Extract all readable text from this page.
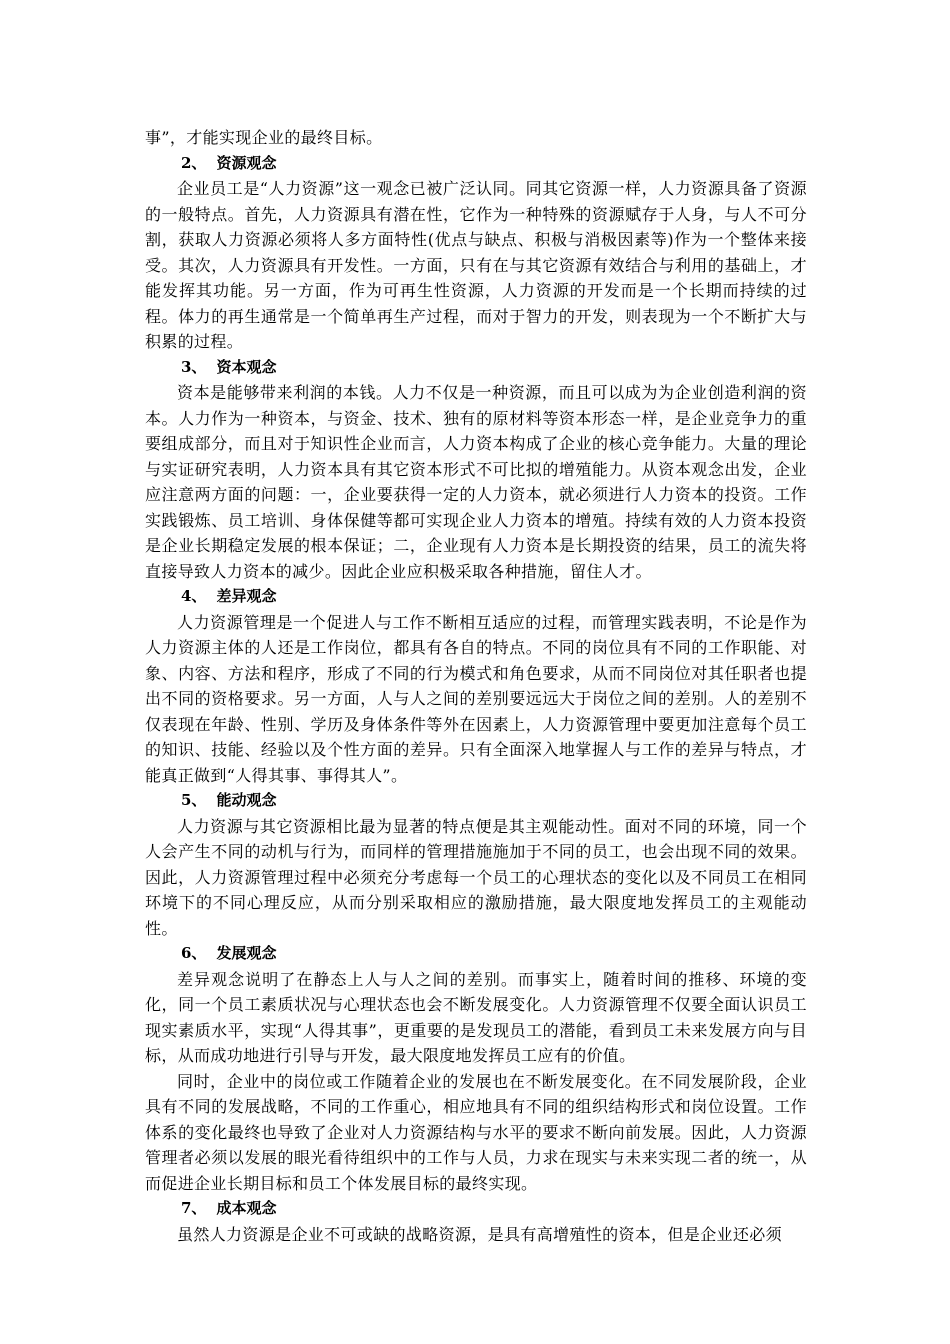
事”，才能实现企业的最终目标。

2、 资源观念

企业员工是“人力资源”这一观念已被广泛认同。同其它资源一样，人力资源具备了资源的一般特点。首先，人力资源具有潜在性，它作为一种特殊的资源赋存于人身，与人不可分割，获取人力资源必须将人多方面特性(优点与缺点、积极与消极因素等)作为一个整体来接受。其次，人力资源具有开发性。一方面，只有在与其它资源有效结合与利用的基础上，才能发挥其功能。另一方面，作为可再生性资源，人力资源的开发而是一个长期而持续的过程。体力的再生通常是一个简单再生产过程，而对于智力的开发，则表现为一个不断扩大与积累的过程。

3、 资本观念

资本是能够带来利润的本钱。人力不仅是一种资源，而且可以成为为企业创造利润的资本。人力作为一种资本，与资金、技术、独有的原材料等资本形态一样，是企业竞争力的重要组成部分，而且对于知识性企业而言，人力资本构成了企业的核心竞争能力。大量的理论与实证研究表明，人力资本具有其它资本形式不可比拟的增殖能力。从资本观念出发，企业应注意两方面的问题：一，企业要获得一定的人力资本，就必须进行人力资本的投资。工作实践锻炼、员工培训、身体保健等都可实现企业人力资本的增殖。持续有效的人力资本投资是企业长期稳定发展的根本保证；二，企业现有人力资本是长期投资的结果，员工的流失将直接导致人力资本的减少。因此企业应积极采取各种措施，留住人才。

4、 差异观念

人力资源管理是一个促进人与工作不断相互适应的过程，而管理实践表明，不论是作为人力资源主体的人还是工作岗位，都具有各自的特点。不同的岗位具有不同的工作职能、对象、内容、方法和程序，形成了不同的行为模式和角色要求，从而不同岗位对其任职者也提出不同的资格要求。另一方面，人与人之间的差别要远远大于岗位之间的差别。人的差别不仅表现在年龄、性别、学历及身体条件等外在因素上，人力资源管理中要更加注意每个员工的知识、技能、经验以及个性方面的差异。只有全面深入地掌握人与工作的差异与特点，才能真正做到“人得其事、事得其人”。

5、 能动观念

人力资源与其它资源相比最为显著的特点便是其主观能动性。面对不同的环境，同一个人会产生不同的动机与行为，而同样的管理措施施加于不同的员工，也会出现不同的效果。因此，人力资源管理过程中必须充分考虑每一个员工的心理状态的变化以及不同员工在相同环境下的不同心理反应，从而分别采取相应的激励措施，最大限度地发挥员工的主观能动性。

6、 发展观念

差异观念说明了在静态上人与人之间的差别。而事实上，随着时间的推移、环境的变化，同一个员工素质状况与心理状态也会不断发展变化。人力资源管理不仅要全面认识员工现实素质水平，实现“人得其事”，更重要的是发现员工的潜能，看到员工未来发展方向与目标，从而成功地进行引导与开发，最大限度地发挥员工应有的价值。

同时，企业中的岗位或工作随着企业的发展也在不断发展变化。在不同发展阶段，企业具有不同的发展战略，不同的工作重心，相应地具有不同的组织结构形式和岗位设置。工作体系的变化最终也导致了企业对人力资源结构与水平的要求不断向前发展。因此，人力资源管理者必须以发展的眼光看待组织中的工作与人员，力求在现实与未来实现二者的统一，从而促进企业长期目标和员工个体发展目标的最终实现。

7、 成本观念

虽然人力资源是企业不可或缺的战略资源，是具有高增殖性的资本，但是企业还必须
